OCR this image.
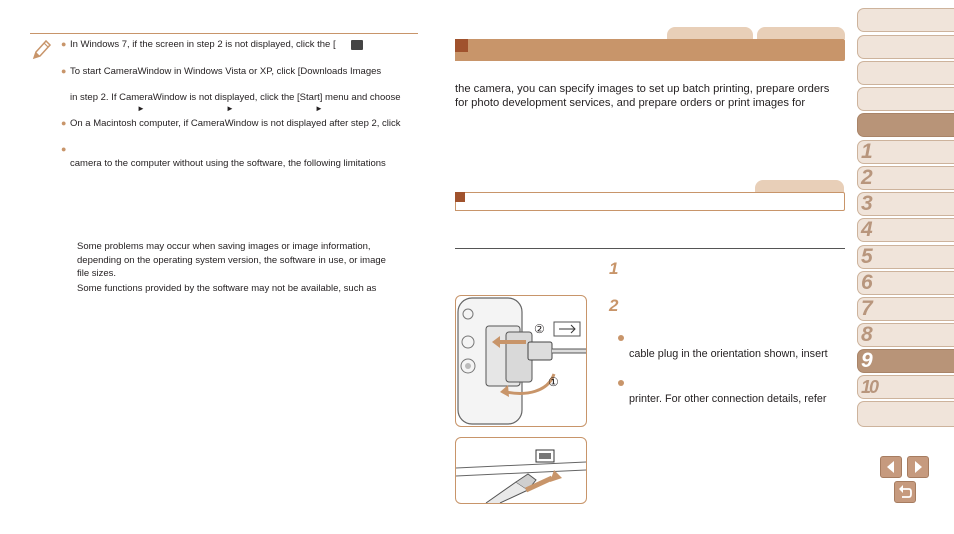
● In Windows 7, if the screen in step 2 is not displayed, click the [
● To start CameraWindow in Windows Vista or XP, click [Downloads Images
in step 2. If CameraWindow is not displayed, click the [Start] menu and choose
►	►	►
● On a Macintosh computer, if CameraWindow is not displayed after step 2, click
●
camera to the computer without using the software, the following limitations
Some problems may occur when saving images or image information,
depending on the operating system version, the software in use, or image
file sizes.
Some functions provided by the software may not be available, such as
the camera, you can specify images to set up batch printing, prepare orders
for photo development services, and prepare orders or print images for
1
2
cable plug in the orientation shown, insert
printer. For other connection details, refer
②
①
1
2
3
4
5
6
7
8
9
10
